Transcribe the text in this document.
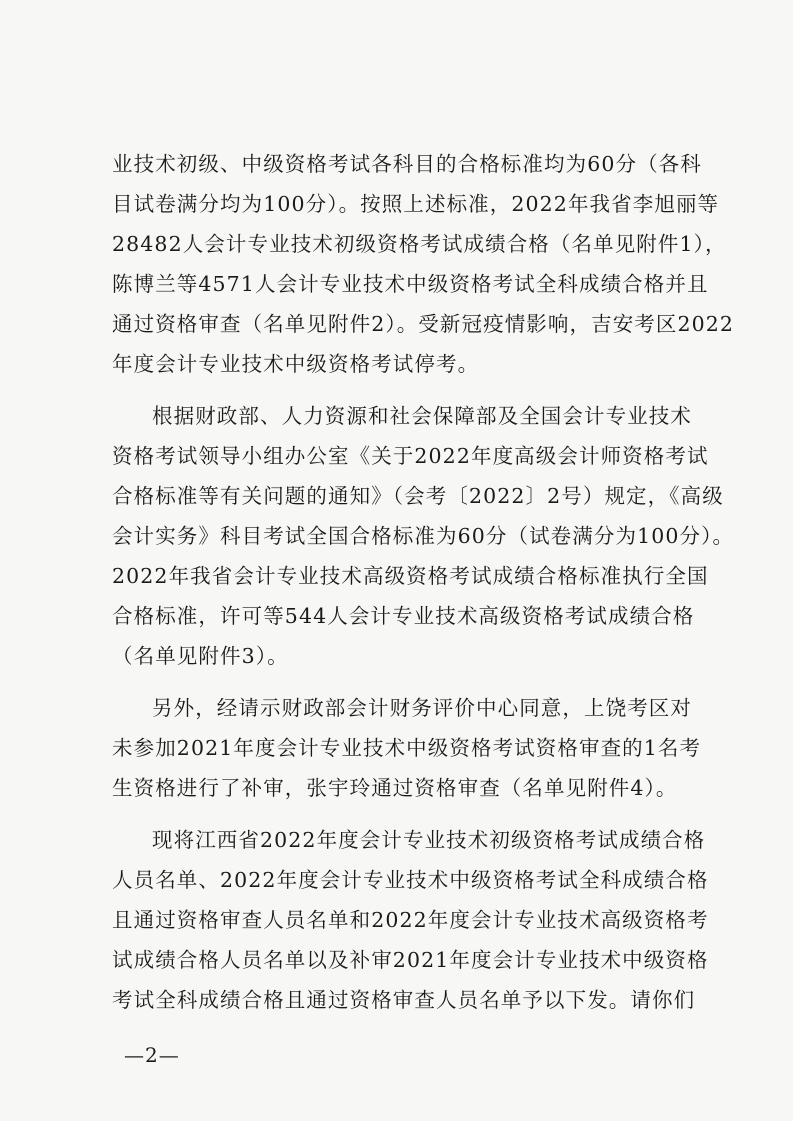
业技术初级、中级资格考试各科目的合格标准均为60分（各科
目试卷满分均为100分）。按照上述标准，2022年我省李旭丽等
28482人会计专业技术初级资格考试成绩合格（名单见附件1），
陈博兰等4571人会计专业技术中级资格考试全科成绩合格并且
通过资格审查（名单见附件2）。受新冠疫情影响，吉安考区2022
年度会计专业技术中级资格考试停考。
根据财政部、人力资源和社会保障部及全国会计专业技术
资格考试领导小组办公室《关于2022年度高级会计师资格考试
合格标准等有关问题的通知》（会考〔2022〕2号）规定，《高级
会计实务》科目考试全国合格标准为60分（试卷满分为100分）。
2022年我省会计专业技术高级资格考试成绩合格标准执行全国
合格标准，许可等544人会计专业技术高级资格考试成绩合格
（名单见附件3）。
另外，经请示财政部会计财务评价中心同意，上饶考区对
未参加2021年度会计专业技术中级资格考试资格审查的1名考
生资格进行了补审，张宇玲通过资格审查（名单见附件4）。
现将江西省2022年度会计专业技术初级资格考试成绩合格
人员名单、2022年度会计专业技术中级资格考试全科成绩合格
且通过资格审查人员名单和2022年度会计专业技术高级资格考
试成绩合格人员名单以及补审2021年度会计专业技术中级资格
考试全科成绩合格且通过资格审查人员名单予以下发。请你们
—2—
